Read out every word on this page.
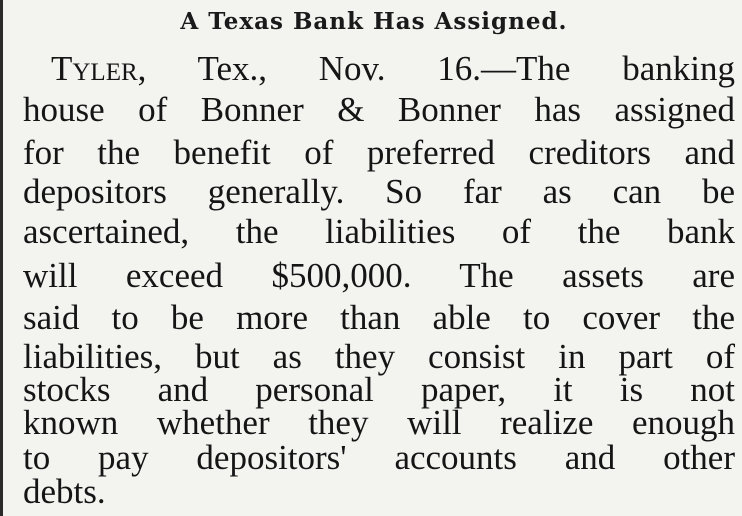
A Texas Bank Has Assigned.
Tyler, Tex., Nov. 16.—The banking
house of Bonner & Bonner has assigned
for the benefit of preferred creditors and
depositors generally. So far as can be
ascertained, the liabilities of the bank
will exceed $500,000. The assets are
said to be more than able to cover the
liabilities, but as they consist in part of
stocks and personal paper, it is not
known whether they will realize enough
to pay depositors' accounts and other
debts.
